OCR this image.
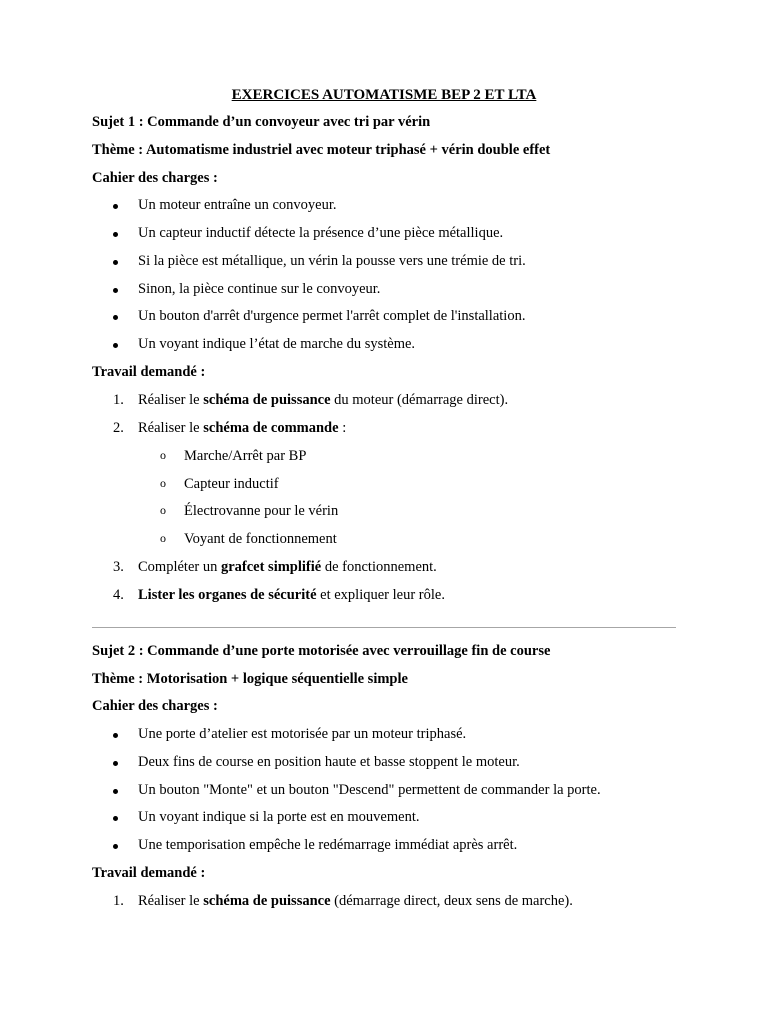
EXERCICES AUTOMATISME BEP 2 ET LTA
Sujet 1 : Commande d’un convoyeur avec tri par vérin
Thème : Automatisme industriel avec moteur triphasé + vérin double effet
Cahier des charges :
Un moteur entraîne un convoyeur.
Un capteur inductif détecte la présence d’une pièce métallique.
Si la pièce est métallique, un vérin la pousse vers une trémie de tri.
Sinon, la pièce continue sur le convoyeur.
Un bouton d'arrêt d'urgence permet l'arrêt complet de l'installation.
Un voyant indique l’état de marche du système.
Travail demandé :
1. Réaliser le schéma de puissance du moteur (démarrage direct).
2. Réaliser le schéma de commande :
o Marche/Arrêt par BP
o Capteur inductif
o Électrovanne pour le vérin
o Voyant de fonctionnement
3. Compléter un grafcet simplifié de fonctionnement.
4. Lister les organes de sécurité et expliquer leur rôle.
Sujet 2 : Commande d’une porte motorisée avec verrouillage fin de course
Thème : Motorisation + logique séquentielle simple
Cahier des charges :
Une porte d’atelier est motorisée par un moteur triphasé.
Deux fins de course en position haute et basse stoppent le moteur.
Un bouton "Monte" et un bouton "Descend" permettent de commander la porte.
Un voyant indique si la porte est en mouvement.
Une temporisation empêche le redémarrage immédiat après arrêt.
Travail demandé :
1. Réaliser le schéma de puissance (démarrage direct, deux sens de marche).
